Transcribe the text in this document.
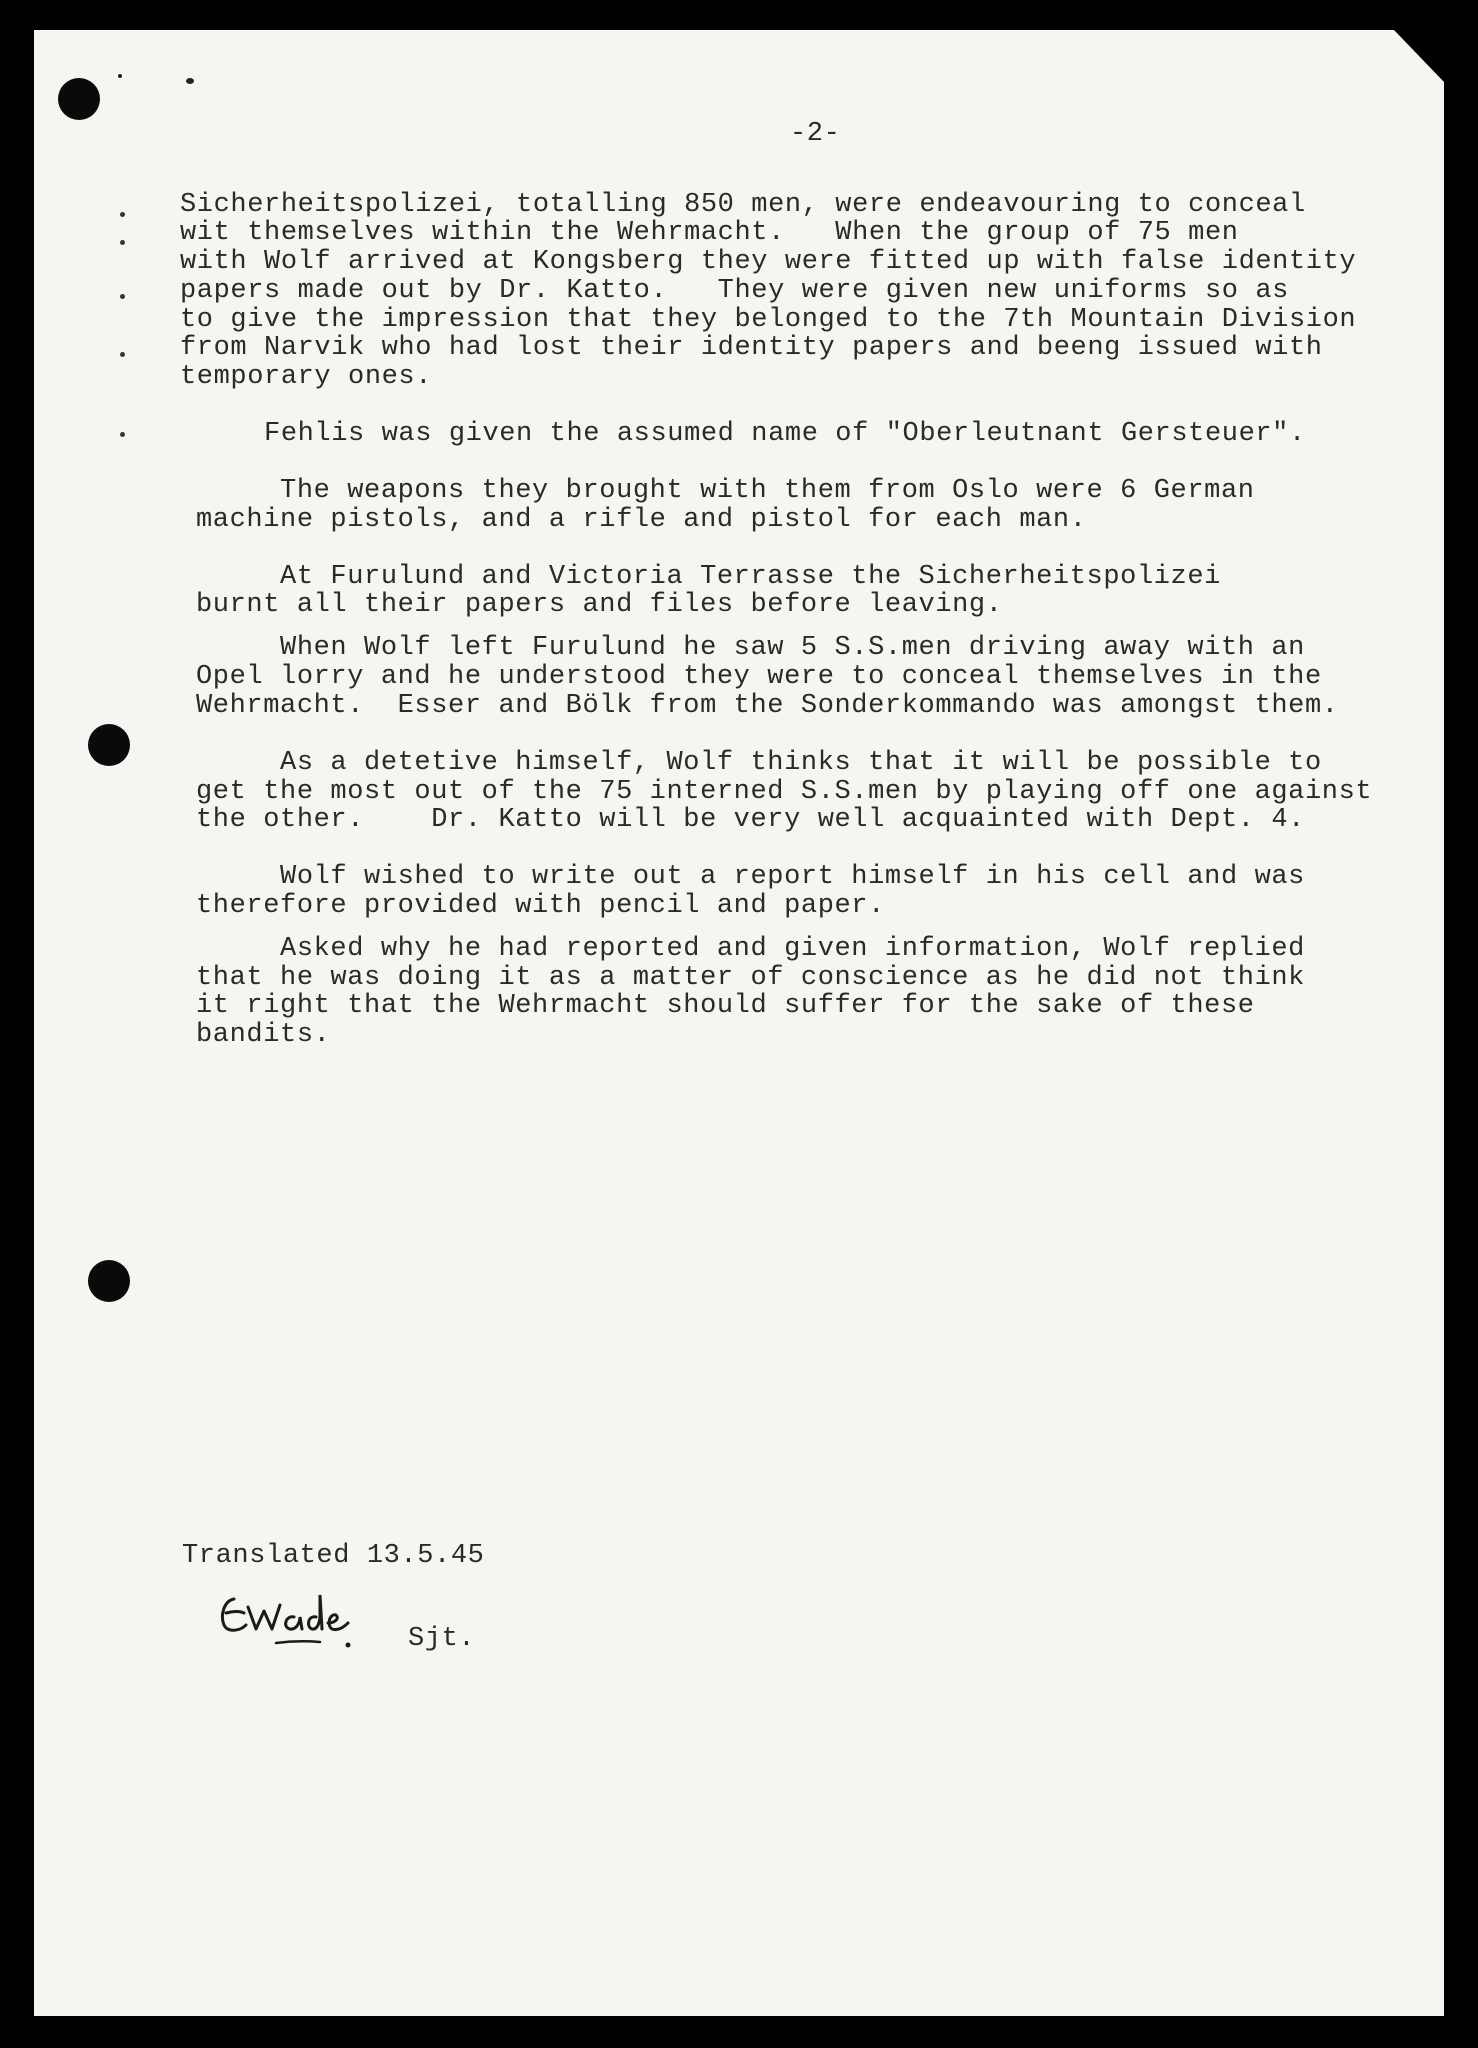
-2-
Sicherheitspolizei, totalling 850 men, were endeavouring to conceal
wit themselves within the Wehrmacht.   When the group of 75 men
with Wolf arrived at Kongsberg they were fitted up with false identity
papers made out by Dr. Katto.   They were given new uniforms so as
to give the impression that they belonged to the 7th Mountain Division
from Narvik who had lost their identity papers and beeng issued with
temporary ones.
Fehlis was given the assumed name of "Oberleutnant Gersteuer".
The weapons they brought with them from Oslo were 6 German
machine pistols, and a rifle and pistol for each man.
At Furulund and Victoria Terrasse the Sicherheitspolizei
burnt all their papers and files before leaving.
When Wolf left Furulund he saw 5 S.S.men driving away with an
Opel lorry and he understood they were to conceal themselves in the
Wehrmacht.  Esser and Bölk from the Sonderkommando was amongst them.
As a detetive himself, Wolf thinks that it will be possible to
get the most out of the 75 interned S.S.men by playing off one against
the other.    Dr. Katto will be very well acquainted with Dept. 4.
Wolf wished to write out a report himself in his cell and was
therefore provided with pencil and paper.
Asked why he had reported and given information, Wolf replied
that he was doing it as a matter of conscience as he did not think
it right that the Wehrmacht should suffer for the sake of these
bandits.
Translated 13.5.45
Sjt.
